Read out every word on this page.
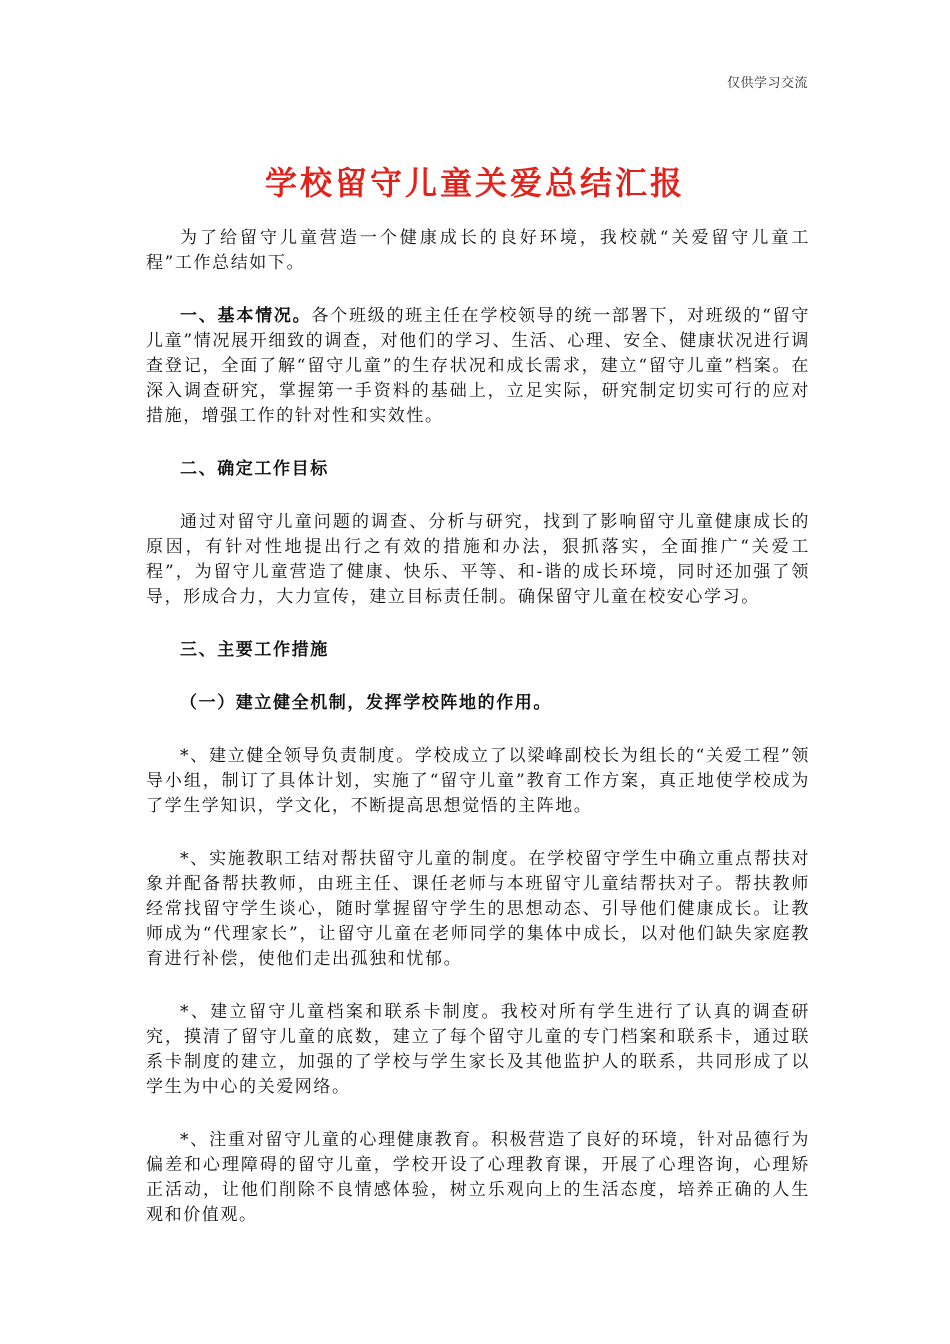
仅供学习交流
学校留守儿童关爱总结汇报

为了给留守儿童营造一个健康成长的良好环境，我校就“关爱留守儿童工程”工作总结如下。

一、基本情况。各个班级的班主任在学校领导的统一部署下，对班级的“留守儿童”情况展开细致的调查，对他们的学习、生活、心理、安全、健康状况进行调查登记，全面了解“留守儿童”的生存状况和成长需求，建立“留守儿童”档案。在深入调查研究，掌握第一手资料的基础上，立足实际，研究制定切实可行的应对措施，增强工作的针对性和实效性。

二、确定工作目标

通过对留守儿童问题的调查、分析与研究，找到了影响留守儿童健康成长的原因，有针对性地提出行之有效的措施和办法，狠抓落实，全面推广“关爱工程”，为留守儿童营造了健康、快乐、平等、和-谐的成长环境，同时还加强了领导，形成合力，大力宣传，建立目标责任制。确保留守儿童在校安心学习。

三、主要工作措施

（一）建立健全机制，发挥学校阵地的作用。

*、建立健全领导负责制度。学校成立了以梁峰副校长为组长的“关爱工程”领导小组，制订了具体计划，实施了“留守儿童”教育工作方案，真正地使学校成为了学生学知识，学文化，不断提高思想觉悟的主阵地。

*、实施教职工结对帮扶留守儿童的制度。在学校留守学生中确立重点帮扶对象并配备帮扶教师，由班主任、课任老师与本班留守儿童结帮扶对子。帮扶教师经常找留守学生谈心，随时掌握留守学生的思想动态、引导他们健康成长。让教师成为“代理家长”，让留守儿童在老师同学的集体中成长，以对他们缺失家庭教育进行补偿，使他们走出孤独和忧郁。

*、建立留守儿童档案和联系卡制度。我校对所有学生进行了认真的调查研究，摸清了留守儿童的底数，建立了每个留守儿童的专门档案和联系卡，通过联系卡制度的建立，加强的了学校与学生家长及其他监护人的联系，共同形成了以学生为中心的关爱网络。

*、注重对留守儿童的心理健康教育。积极营造了良好的环境，针对品德行为偏差和心理障碍的留守儿童，学校开设了心理教育课，开展了心理咨询，心理矫正活动，让他们削除不良情感体验，树立乐观向上的生活态度，培养正确的人生观和价值观。
